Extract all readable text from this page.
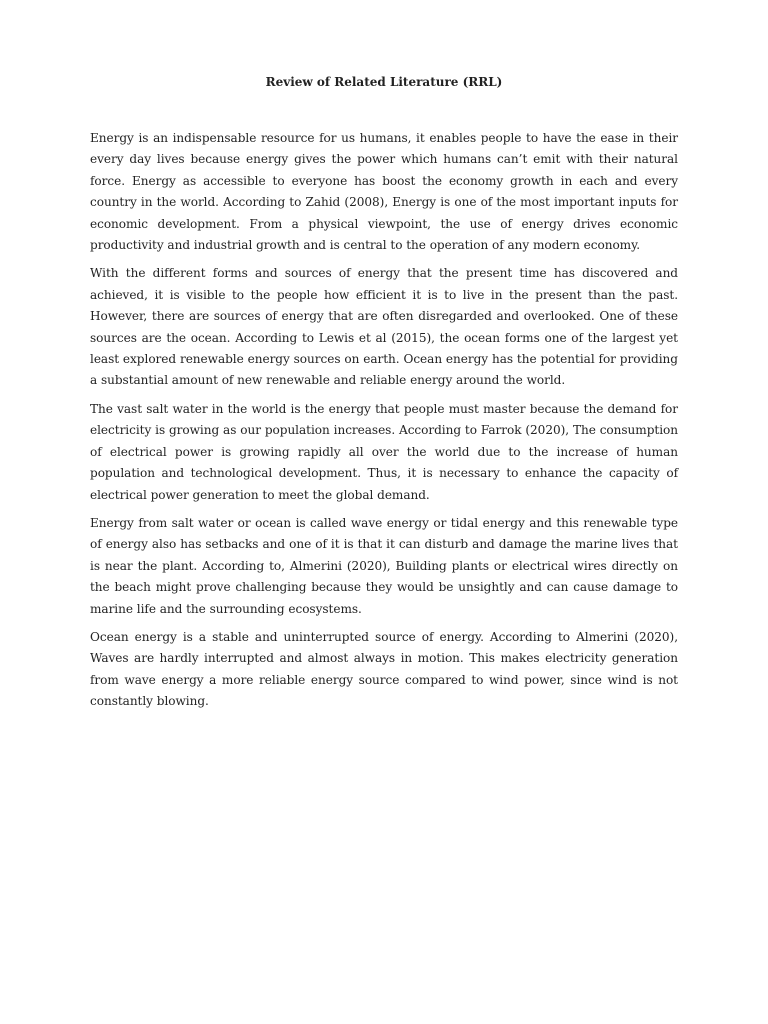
Review of Related Literature (RRL)

Energy is an indispensable resource for us humans, it enables people to have the ease in their every day lives because energy gives the power which humans can’t emit with their natural force. Energy as accessible to everyone has boost the economy growth in each and every country in the world. According to Zahid (2008), Energy is one of the most important inputs for economic development. From a physical viewpoint, the use of energy drives economic productivity and industrial growth and is central to the operation of any modern economy.

With the different forms and sources of energy that the present time has discovered and achieved, it is visible to the people how efficient it is to live in the present than the past. However, there are sources of energy that are often disregarded and overlooked. One of these sources are the ocean. According to Lewis et al (2015), the ocean forms one of the largest yet least explored renewable energy sources on earth. Ocean energy has the potential for providing a substantial amount of new renewable and reliable energy around the world.

The vast salt water in the world is the energy that people must master because the demand for electricity is growing as our population increases. According to Farrok (2020), The consumption of electrical power is growing rapidly all over the world due to the increase of human population and technological development. Thus, it is necessary to enhance the capacity of electrical power generation to meet the global demand.

Energy from salt water or ocean is called wave energy or tidal energy and this renewable type of energy also has setbacks and one of it is that it can disturb and damage the marine lives that is near the plant. According to, Almerini (2020), Building plants or electrical wires directly on the beach might prove challenging because they would be unsightly and can cause damage to marine life and the surrounding ecosystems.

Ocean energy is a stable and uninterrupted source of energy. According to Almerini (2020), Waves are hardly interrupted and almost always in motion. This makes electricity generation from wave energy a more reliable energy source compared to wind power, since wind is not constantly blowing.
